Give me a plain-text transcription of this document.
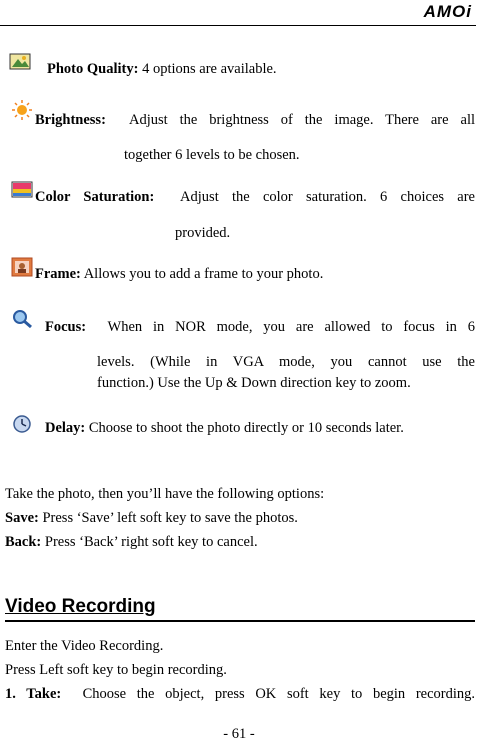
AMOi
Photo Quality: 4 options are available.
Brightness: Adjust the brightness of the image. There are all
together 6 levels to be chosen.
Color Saturation: Adjust the color saturation. 6 choices are
provided.
Frame: Allows you to add a frame to your photo.
Focus: When in NOR mode, you are allowed to focus in 6
levels. (While in VGA mode, you cannot use the
function.) Use the Up & Down direction key to zoom.
Delay: Choose to shoot the photo directly or 10 seconds later.
Take the photo, then you’ll have the following options:
Save: Press ‘Save’ left soft key to save the photos.
Back: Press ‘Back’ right soft key to cancel.
Video Recording
Enter the Video Recording.
Press Left soft key to begin recording.
1. Take: Choose the object, press OK soft key to begin recording.
- 61 -
